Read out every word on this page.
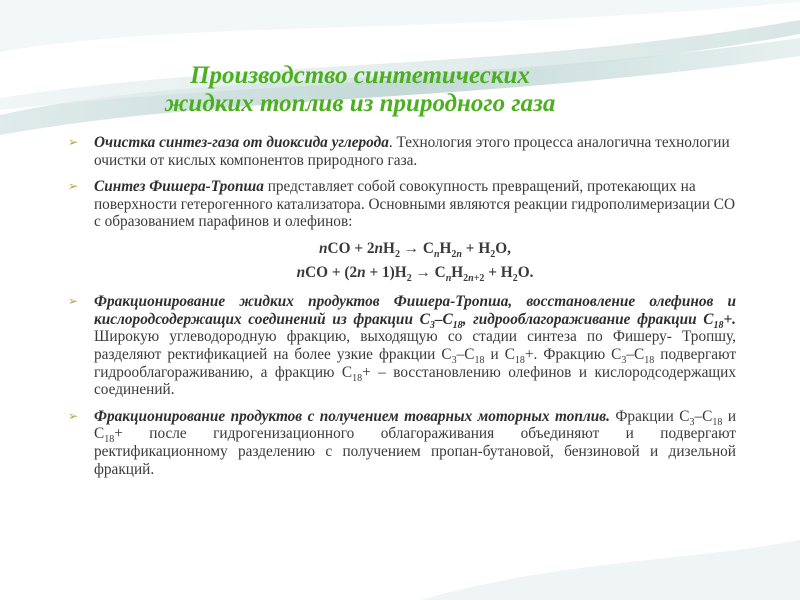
Производство синтетических
жидких топлив из природного газа
➢ Очистка синтез-газа от диоксида углерода. Технология этого процесса аналогична технологии очистки от кислых компонентов природного газа.
➢ Синтез Фишера-Тропша представляет собой совокупность превращений, протекающих на поверхности гетерогенного катализатора. Основными являются реакции гидрополимеризации CO с образованием парафинов и олефинов:
nCO + $2nH_2 \to C_nH_{2n} + H_2O$,
nCO + $(2n + 1)H_2 \to C_nH_{2n+2} + H_2O$.
➢ Фракционирование жидких продуктов Фишера-Тропша, восстановление олефинов и кислородсодержащих соединений из фракции $С_3-С_{18}$, гидрооблагораживание фракции $С_{18}+$. Широкую углеводородную фракцию, выходящую со стадии синтеза по Фишеру- Тропшу, разделяют ректификацией на более узкие фракции $С_3-С_{18}$ и $С_{18}+$. Фракцию $С_3-С_{18}$ подвергают гидрооблагораживанию, а фракцию $С_{18}+$ – восстановлению олефинов и кислородсодержащих соединений.
➢ Фракционирование продуктов с получением товарных моторных топлив. Фракции $С_3-С_{18}$ и $С_{18}+$ после гидрогенизационного облагораживания объединяют и подвергают ректификационному разделению с получением пропан-бутановой, бензиновой и дизельной фракций.
